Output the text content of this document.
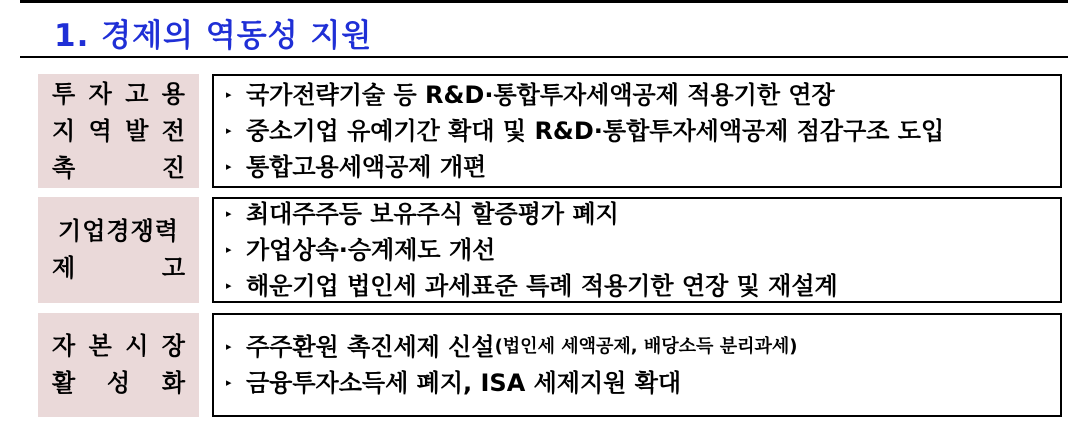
1. 경제의 역동성 지원
투 자 고 용
지 역 발 전
촉	진
▸ 국가전략기술 등 R&D·통합투자세액공제 적용기한 연장
▸ 중소기업 유예기간 확대 및 R&D·통합투자세액공제 점감구조 도입
▸ 통합고용세액공제 개편
기업경쟁력
제	고
▸ 최대주주등 보유주식 할증평가 폐지
▸ 가업상속·승계제도 개선
▸ 해운기업 법인세 과세표준 특례 적용기한 연장 및 재설계
자 본 시 장
활 성 화
▸ 주주환원 촉진세제 신설 (법인세 세액공제, 배당소득 분리과세)
▸ 금융투자소득세 폐지, ISA 세제지원 확대
